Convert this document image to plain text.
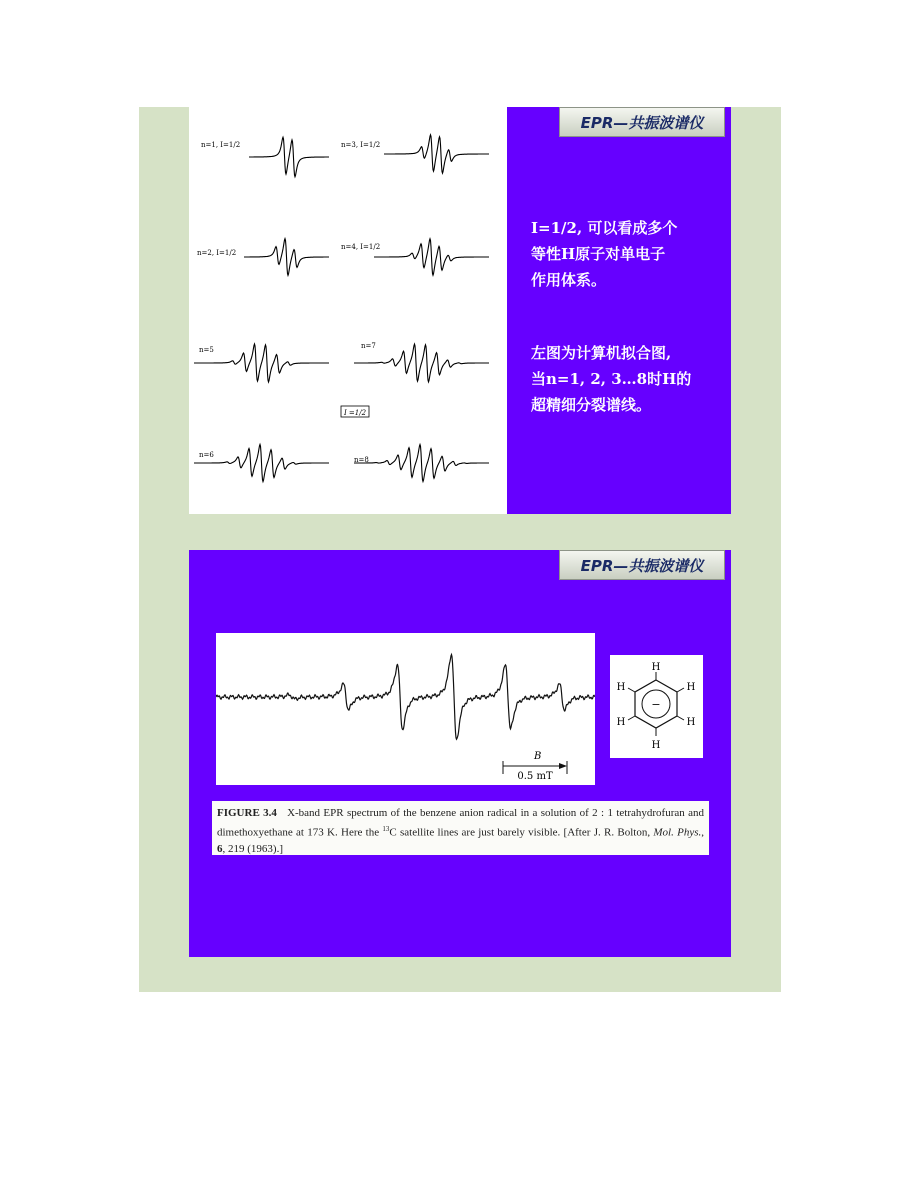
I =1/2
n=1, I=1/2	n=3, I=1/2
n=2, I=1/2
n=4, I=1/2
n=5	n=7
n=6
n=8
EPR—共振波谱仪
I=1/2, 可以看成多个
等性H原子对单电子
作用体系。
左图为计算机拟合图,
当n=1, 2, 3…8时H的
超精细分裂谱线。
EPR—共振波谱仪
B
0.5 mT
−
H
H
H
H
H
H
FIGURE 3.4 X-band EPR spectrum of the benzene anion radical in a solution of 2 : 1 tetrahydrofuran and dimethoxyethane at 173 K. Here the $^{13}$C satellite lines are just barely visible. [After J. R. Bolton, Mol. Phys., 6, 219 (1963).]
